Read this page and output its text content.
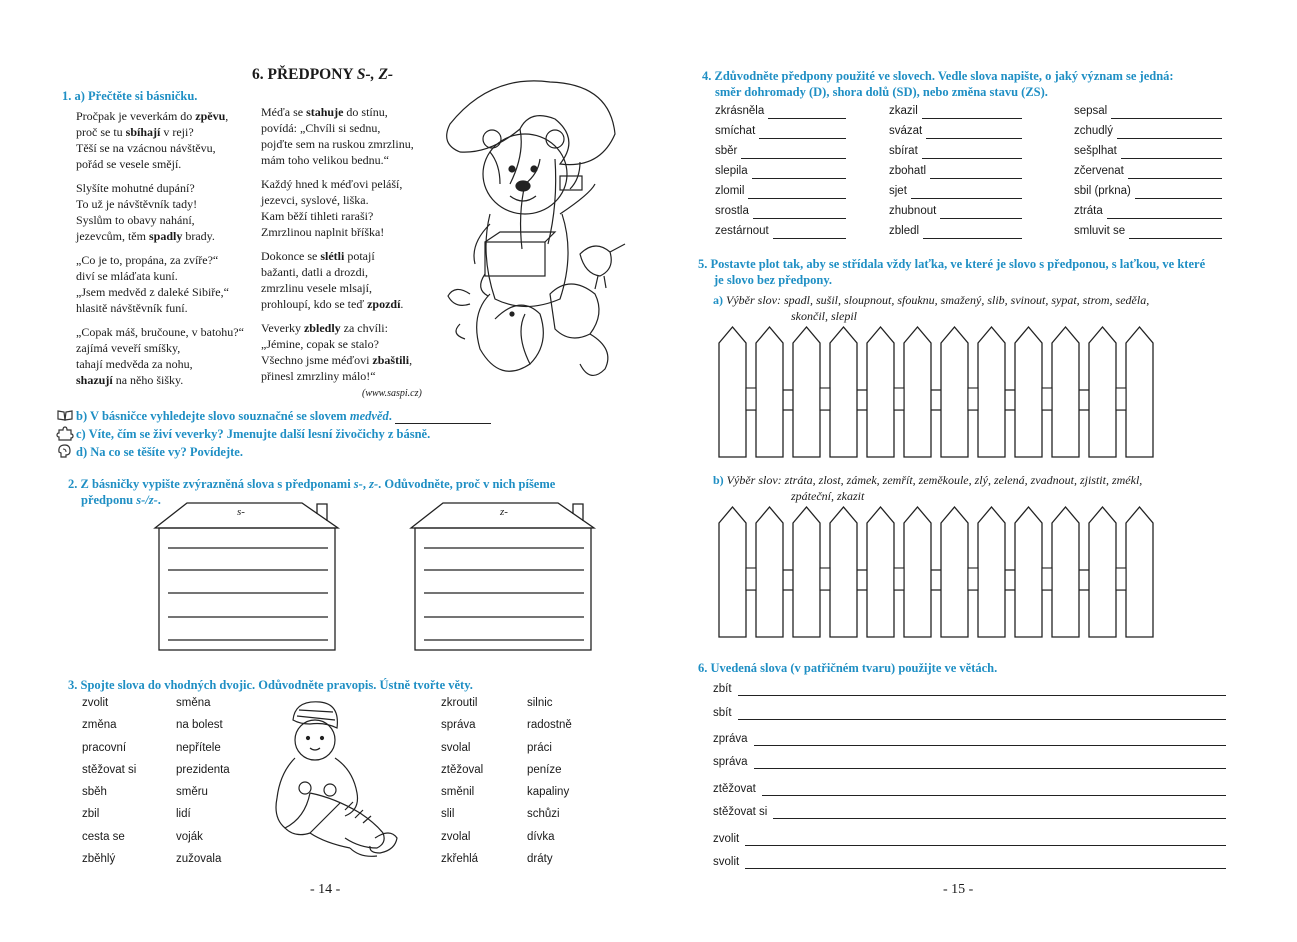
6. PŘEDPONY S-, Z-
1. a) Přečtěte si básničku.

Pročpak je veverkám do zpěvu,
proč se tu sbíhají v reji?
Těší se na vzácnou návštěvu,
pořád se vesele smějí.

Slyšíte mohutné dupání?
To už je návštěvník tady!
Syslům to obavy nahání,
jezevcům, těm spadly brady.

„Co je to, propána, za zvíře?“
diví se mláďata kuní.
„Jsem medvěd z daleké Sibiře,“
hlasitě návštěvník funí.

„Copak máš, bručoune, v batohu?“
zajímá veveří smíšky,
tahají medvěda za nohu,
shazují na něho šišky.

Méďa se stahuje do stínu,
povídá: „Chvíli si sednu,
pojďte sem na ruskou zmrzlinu,
mám toho velikou bednu.“

Každý hned k méďovi peláší,
jezevci, syslové, liška.
Kam běží tihleti raraši?
Zmrzlinou naplnit bříška!

Dokonce se slétli potají
bažanti, datli a drozdi,
zmrzlinu vesele mlsají,
prohloupí, kdo se teď zpozdí.

Veverky zbledly za chvíli:
„Jémine, copak se stalo?
Všechno jsme méďovi zbaštili,
přinesl zmrzliny málo!“

(www.saspi.cz)
b) V básničce vyhledejte slovo souznačné se slovem medvěd.
c) Víte, čím se živí veverky? Jmenujte další lesní živočichy z básně.
d) Na co se těšíte vy? Povídejte.
2. Z básničky vypište zvýrazněná slova s předponami s-, z-. Odůvodněte, proč v nich píšeme
předponu s-/z-.
s-	z-
3. Spojte slova do vhodných dvojic. Odůvodněte pravopis. Ústně tvořte věty.
zvolit
změna
pracovní
stěžovat si
sběh
zbil
cesta se
zběhlý
směna
na bolest
nepřítele
prezidenta
směru
lidí
voják
zužovala
zkroutil
správa
svolal
ztěžoval
směnil
slil
zvolal
zkřehlá
silnic
radostně
práci
peníze
kapaliny
schůzi
dívka
dráty
- 14 -
4. Zdůvodněte předpony použité ve slovech. Vedle slova napište, o jaký význam se jedná:
směr dohromady (D), shora dolů (SD), nebo změna stavu (ZS).
zkrásněla
smíchat
sběr
slepila
zlomil
srostla
zestárnout
zkazil
svázat
sbírat
zbohatl
sjet
zhubnout
zbledl
sepsal
zchudlý
sešplhat
zčervenat
sbil (prkna)
ztráta
smluvit se
5. Postavte plot tak, aby se střídala vždy laťka, ve které je slovo s předponou, s laťkou, ve které
je slovo bez předpony.
a) Výběr slov: spadl, sušil, sloupnout, sfouknu, smažený, slib, svinout, sypat, strom, seděla,
skončil, slepil
b) Výběr slov: ztráta, zlost, zámek, zemřít, zeměkoule, zlý, zelená, zvadnout, zjistit, zmékl,
zpáteční, zkazit
6. Uvedená slova (v patřičném tvaru) použijte ve větách.
zbít
sbít
zpráva
správa
ztěžovat
stěžovat si
zvolit
svolit
- 15 -
